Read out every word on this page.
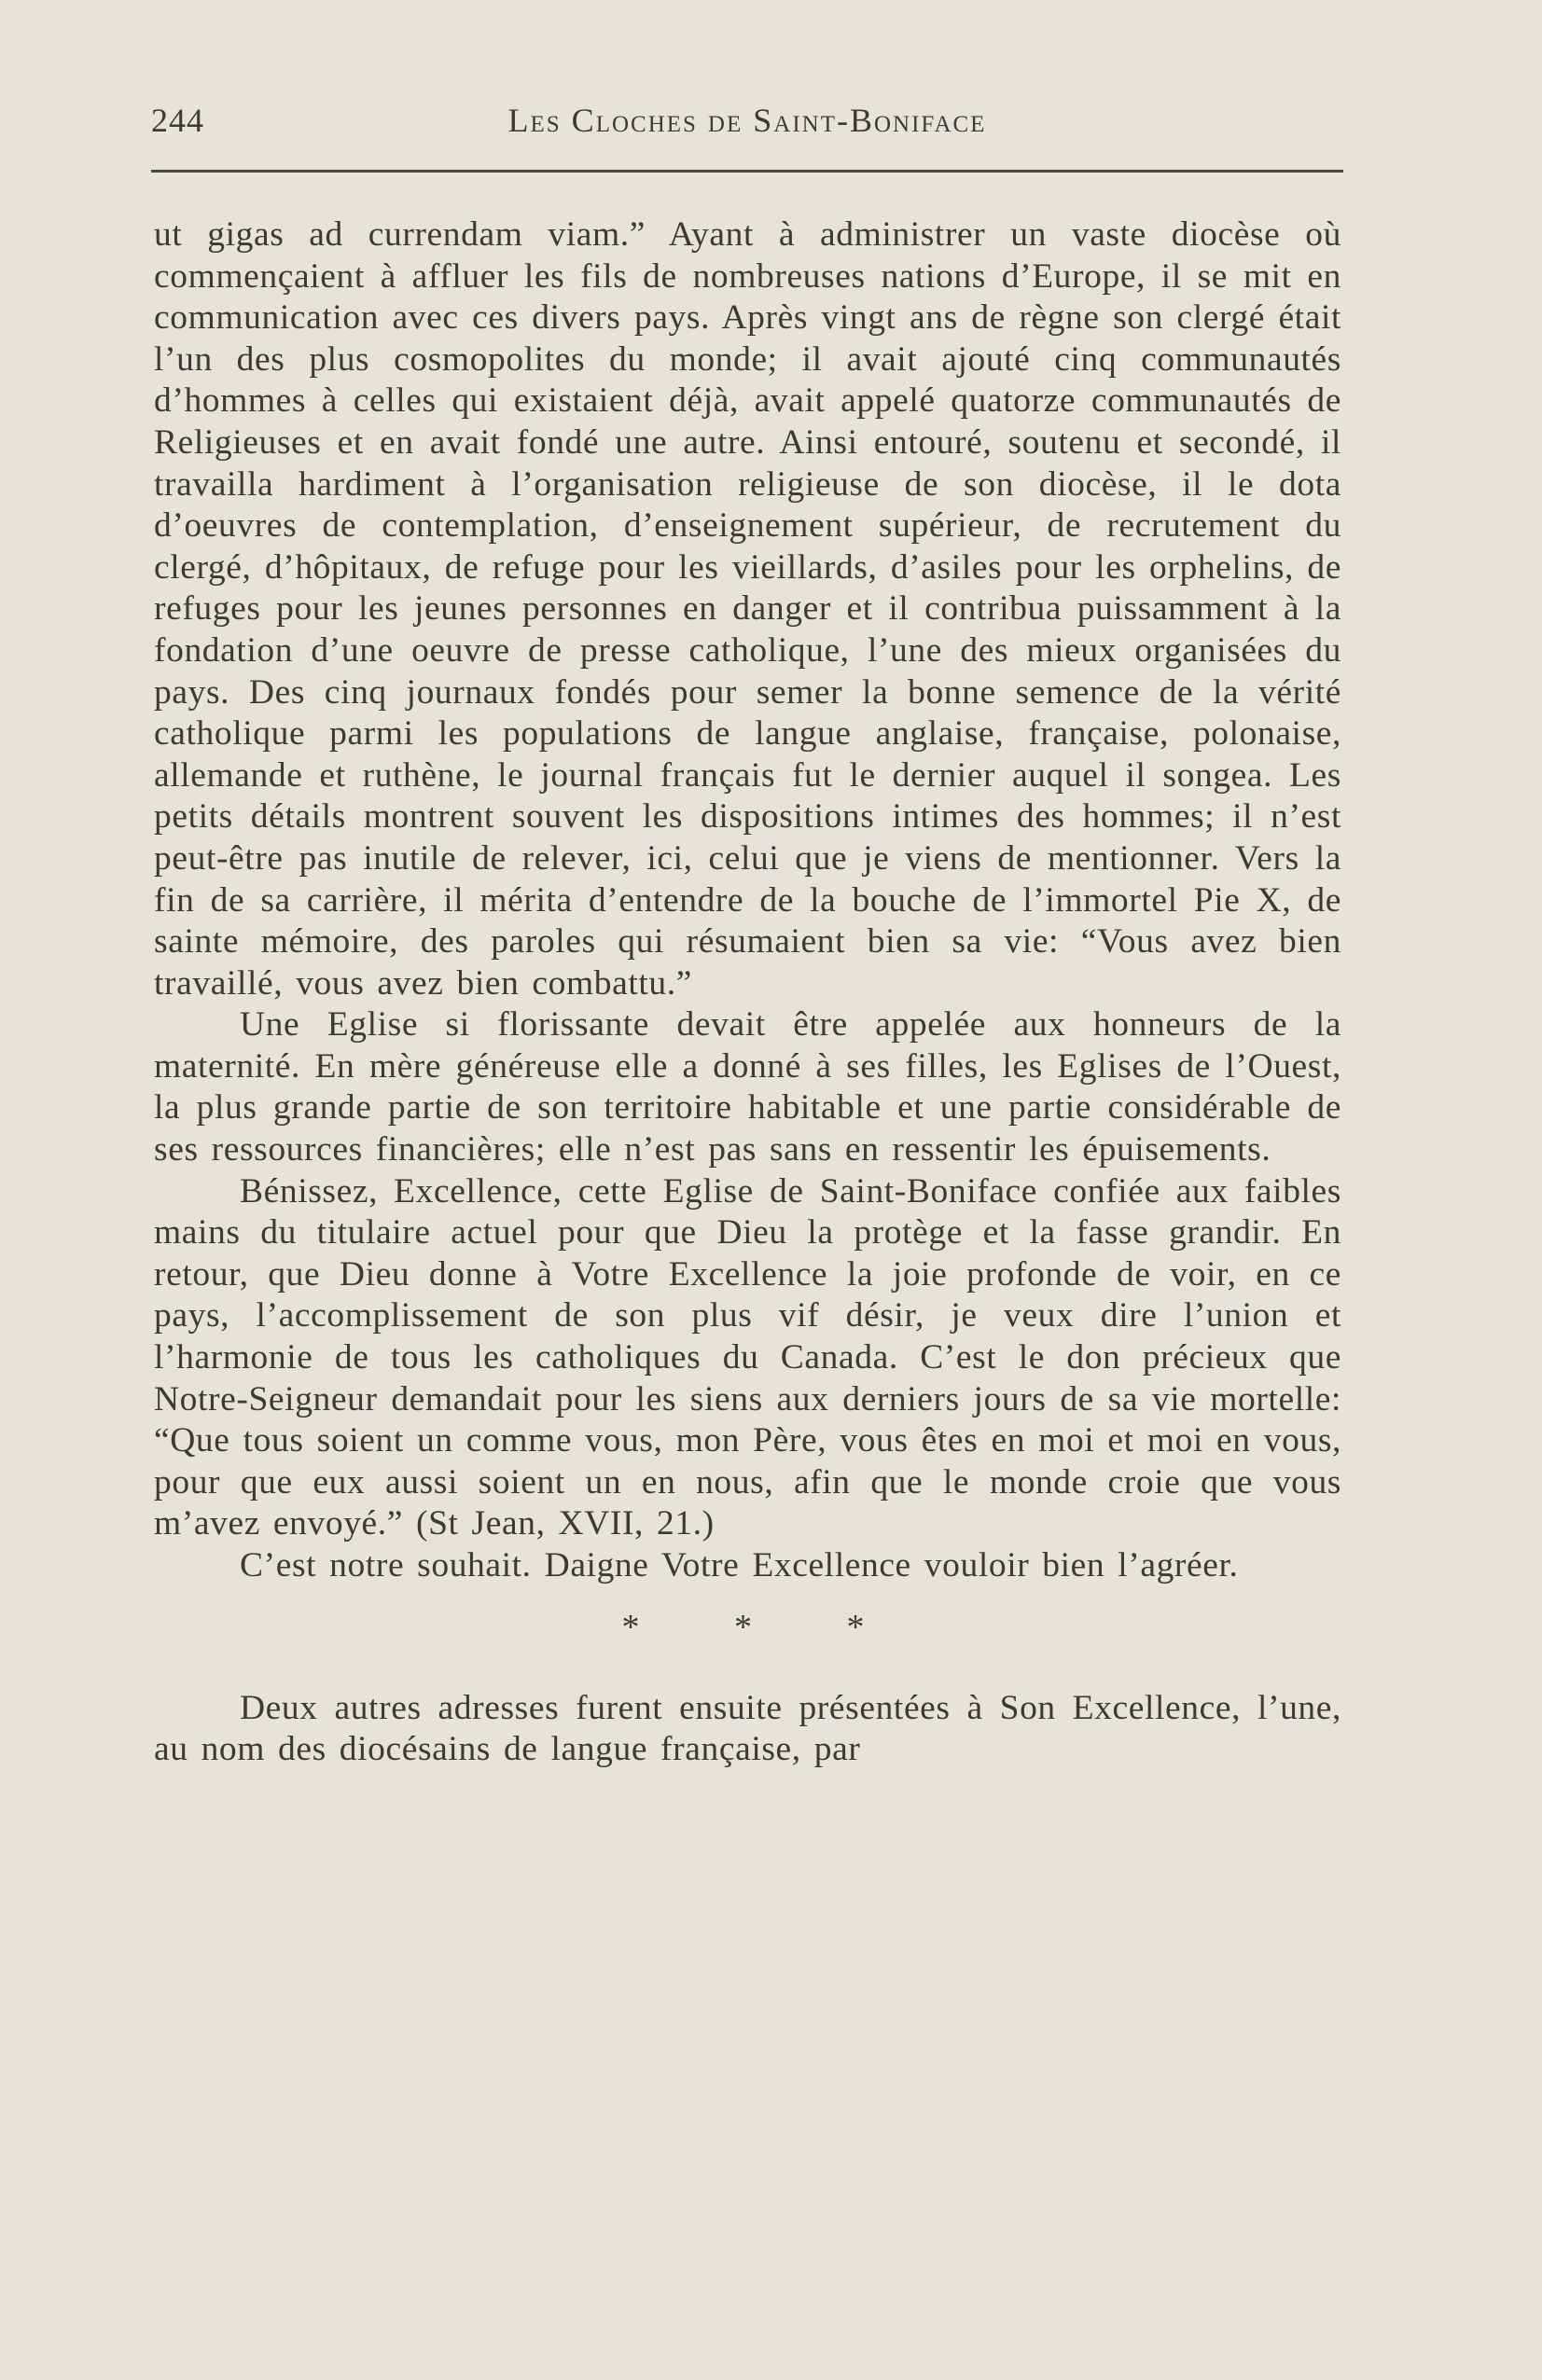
244	Les Cloches de Saint-Boniface

ut gigas ad currendam viam.” Ayant à administrer un vaste diocèse où commençaient à affluer les fils de nombreuses nations d’Europe, il se mit en communication avec ces divers pays. Après vingt ans de règne son clergé était l’un des plus cosmopolites du monde; il avait ajouté cinq communautés d’hommes à celles qui existaient déjà, avait appelé quatorze communautés de Religieuses et en avait fondé une autre. Ainsi entouré, soutenu et secondé, il travailla hardiment à l’organisation religieuse de son diocèse, il le dota d’oeuvres de contemplation, d’enseignement supérieur, de recrutement du clergé, d’hôpitaux, de refuge pour les vieillards, d’asiles pour les orphelins, de refuges pour les jeunes personnes en danger et il contribua puissamment à la fondation d’une oeuvre de presse catholique, l’une des mieux organisées du pays. Des cinq journaux fondés pour semer la bonne semence de la vérité catholique parmi les populations de langue anglaise, française, polonaise, allemande et ruthène, le journal français fut le dernier auquel il songea. Les petits détails montrent souvent les dispositions intimes des hommes; il n’est peut-être pas inutile de relever, ici, celui que je viens de mentionner. Vers la fin de sa carrière, il mérita d’entendre de la bouche de l’immortel Pie X, de sainte mémoire, des paroles qui résumaient bien sa vie: “Vous avez bien travaillé, vous avez bien combattu.”

Une Eglise si florissante devait être appelée aux honneurs de la maternité. En mère généreuse elle a donné à ses filles, les Eglises de l’Ouest, la plus grande partie de son territoire habitable et une partie considérable de ses ressources financières; elle n’est pas sans en ressentir les épuisements.

Bénissez, Excellence, cette Eglise de Saint-Boniface confiée aux faibles mains du titulaire actuel pour que Dieu la protège et la fasse grandir. En retour, que Dieu donne à Votre Excellence la joie profonde de voir, en ce pays, l’accomplissement de son plus vif désir, je veux dire l’union et l’harmonie de tous les catholiques du Canada. C’est le don précieux que Notre-Seigneur demandait pour les siens aux derniers jours de sa vie mortelle: “Que tous soient un comme vous, mon Père, vous êtes en moi et moi en vous, pour que eux aussi soient un en nous, afin que le monde croie que vous m’avez envoyé.” (St Jean, XVII, 21.)

C’est notre souhait. Daigne Votre Excellence vouloir bien l’agréer.

* * *

Deux autres adresses furent ensuite présentées à Son Excellence, l’une, au nom des diocésains de langue française, par
